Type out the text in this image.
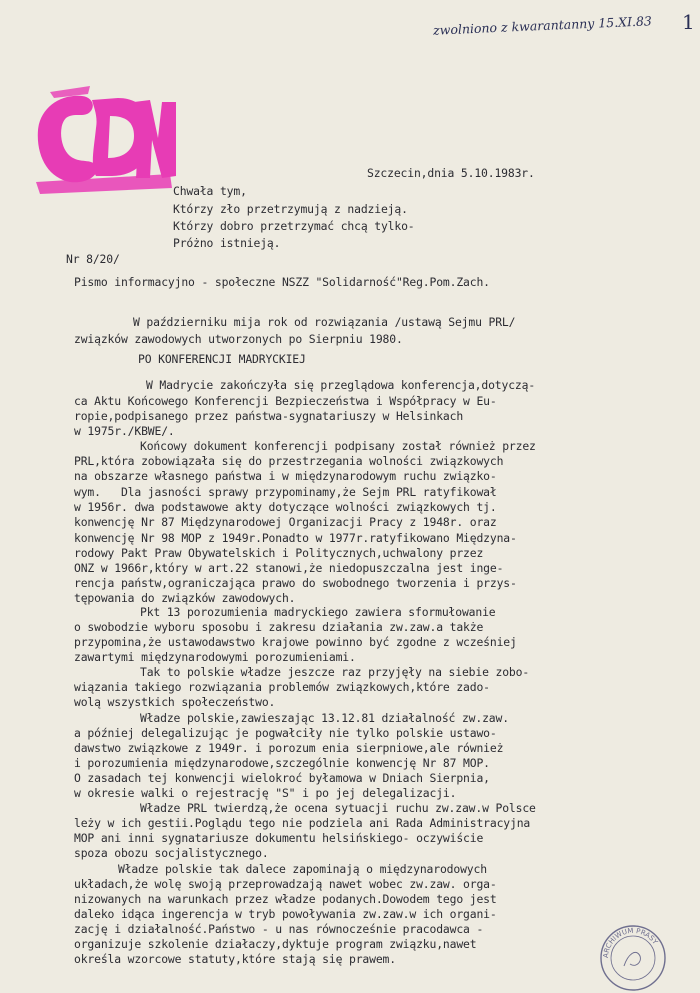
zwolniono z kwarantanny 15.XI.83 1
Szczecin,dnia 5.10.1983r.
Chwała tym,
Którzy zło przetrzymują z nadzieją.
Którzy dobro przetrzymać chcą tylko-
Próżno istnieją.
Nr 8/20/
Pismo informacyjno - społeczne NSZZ "Solidarność"Reg.Pom.Zach.
W październiku mija rok od rozwiązania /ustawą Sejmu PRL/
związków zawodowych utworzonych po Sierpniu 1980.
PO KONFERENCJI MADRYCKIEJ
W Madrycie zakończyła się przeglądowa konferencja,dotyczą-
ca Aktu Końcowego Konferencji Bezpieczeństwa i Współpracy w Eu-
ropie,podpisanego przez państwa-sygnatariuszy w Helsinkach
w 1975r./KBWE/.
Końcowy dokument konferencji podpisany został również przez
PRL,która zobowiązała się do przestrzegania wolności związkowych
na obszarze własnego państwa i w międzynarodowym ruchu związko-
wym.   Dla jasności sprawy przypominamy,że Sejm PRL ratyfikował
w 1956r. dwa podstawowe akty dotyczące wolności związkowych tj.
konwencję Nr 87 Międzynarodowej Organizacji Pracy z 1948r. oraz
konwencję Nr 98 MOP z 1949r.Ponadto w 1977r.ratyfikowano Międzyna-
rodowy Pakt Praw Obywatelskich i Politycznych,uchwalony przez
ONZ w 1966r,który w art.22 stanowi,że niedopuszczalna jest inge-
rencja państw,ograniczająca prawo do swobodnego tworzenia i przys-
tępowania do związków zawodowych.
Pkt 13 porozumienia madryckiego zawiera sformułowanie
o swobodzie wyboru sposobu i zakresu działania zw.zaw.a także
przypomina,że ustawodawstwo krajowe powinno być zgodne z wcześniej
zawartymi międzynarodowymi porozumieniami.
Tak to polskie władze jeszcze raz przyjęły na siebie zobo-
wiązania takiego rozwiązania problemów związkowych,które zado-
wolą wszystkich społeczeństwo.
Władze polskie,zawieszając 13.12.81 działalność zw.zaw.
a później delegalizując je pogwałciły nie tylko polskie ustawo-
dawstwo związkowe z 1949r. i porozum enia sierpniowe,ale również
i porozumienia międzynarodowe,szczególnie konwencję Nr 87 MOP.
O zasadach tej konwencji wielokroć byłamowa w Dniach Sierpnia,
w okresie walki o rejestrację "S" i po jej delegalizacji.
Władze PRL twierdzą,że ocena sytuacji ruchu zw.zaw.w Polsce
leży w ich gestii.Poglądu tego nie podziela ani Rada Administracyjna
MOP ani inni sygnatariusze dokumentu helsińskiego- oczywiście
spoza obozu socjalistycznego.
Władze polskie tak dalece zapominają o międzynarodowych
układach,że wolę swoją przeprowadzają nawet wobec zw.zaw. orga-
nizowanych na warunkach przez władze podanych.Dowodem tego jest
daleko idąca ingerencja w tryb powoływania zw.zaw.w ich organi-
zację i działalność.Państwo - u nas równocześnie pracodawca -
organizuje szkolenie działaczy,dyktuje program związku,nawet
określa wzorcowe statuty,które stają się prawem.	ARCHIWUM PRASY
